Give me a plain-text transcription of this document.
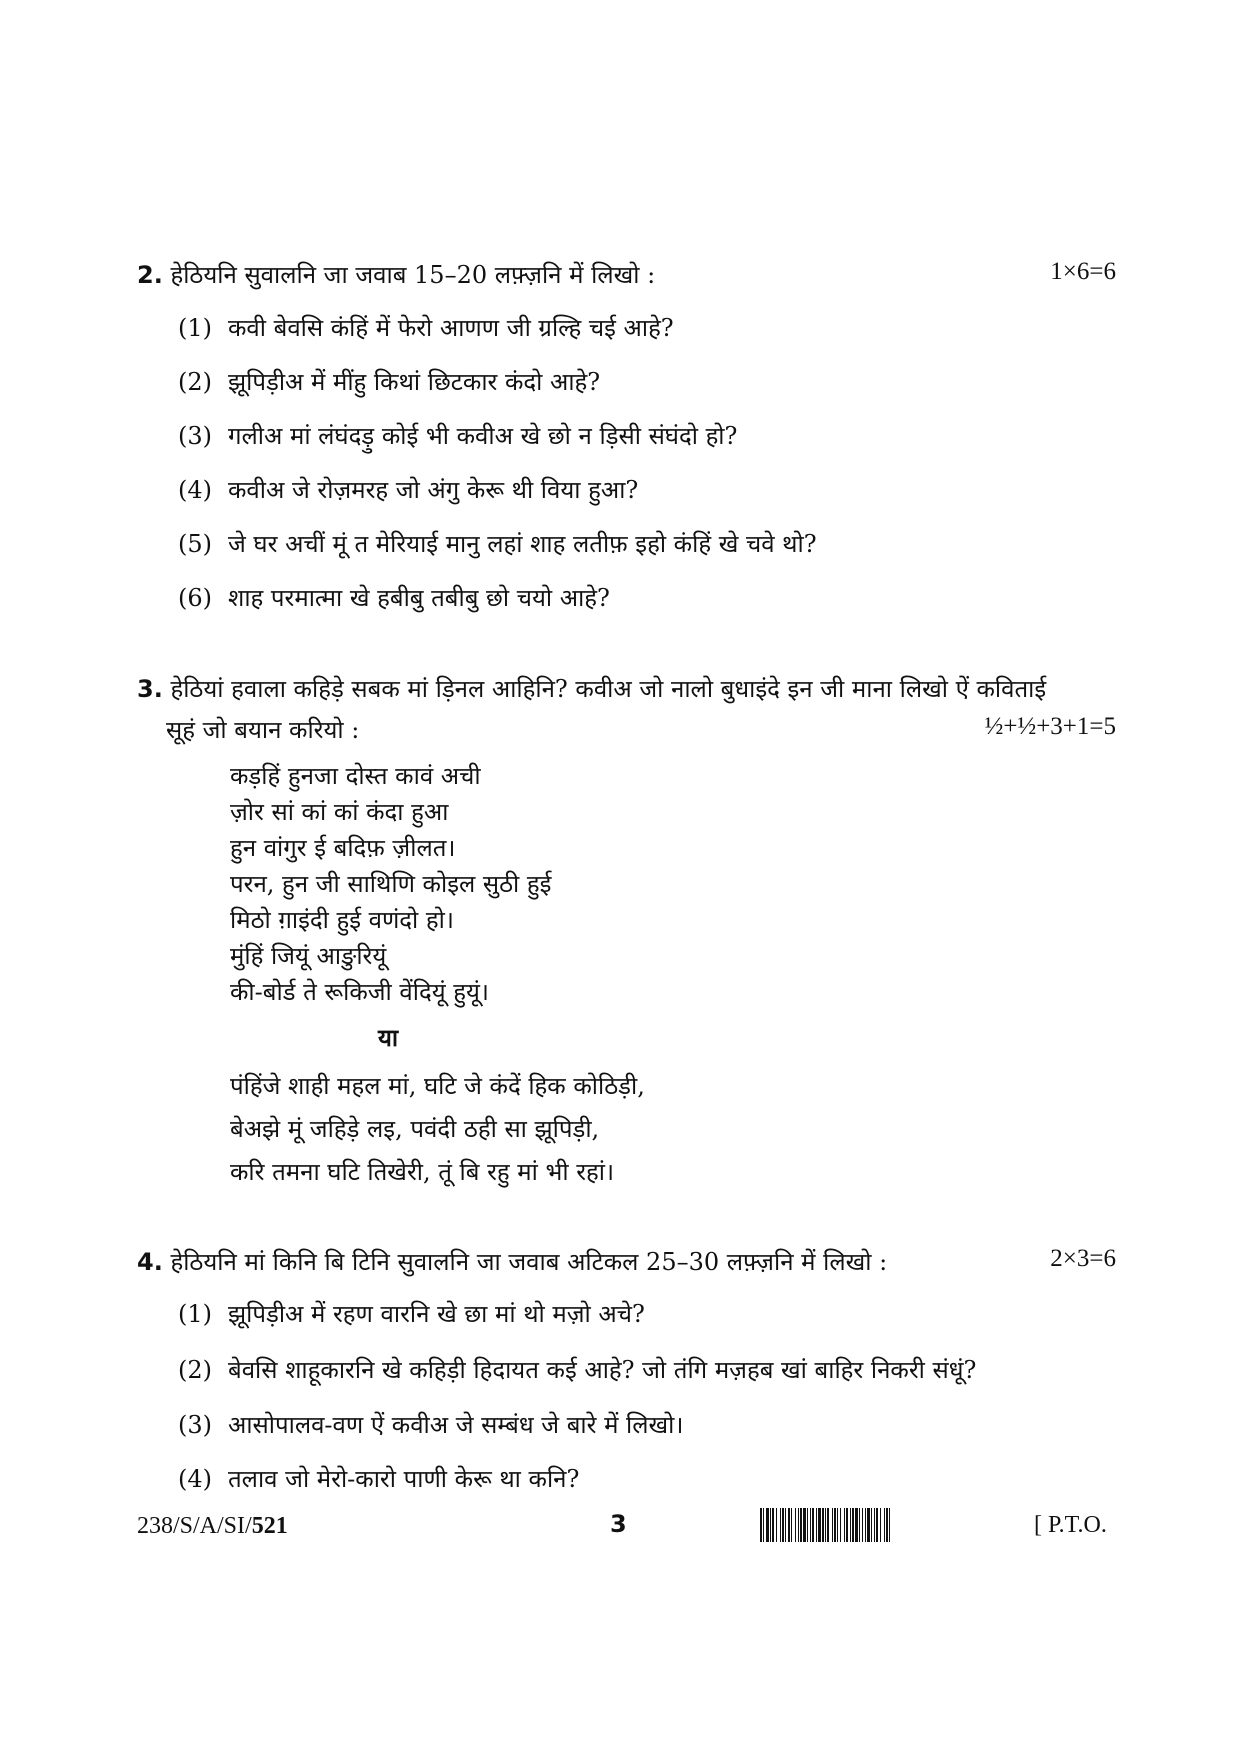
2. हेठियनि सुवालनि जा जवाब 15–20 लफ़्ज़नि में लिखो :	1×6=6
(1) कवी बेवसि कंहिं में फेरो आणण जी ग्रल्हि चई आहे?
(2) झूपिड़ीअ में मींहु किथां छिटकार कंदो आहे?
(3) गलीअ मां लंघंदड़ु कोई भी कवीअ खे छो न ड़िसी संघंदो हो?
(4) कवीअ जे रोज़मरह जो अंगु केरू थी विया हुआ?
(5) जे घर अचीं मूं त मेरियाई मानु लहां शाह लतीफ़ इहो कंहिं खे चवे थो?
(6) शाह परमात्मा खे हबीबु तबीबु छो चयो आहे?
3. हेठियां हवाला कहिड़े सबक मां ड़िनल आहिनि? कवीअ जो नालो बुधाइंदे इन जी माना लिखो ऐं कविताई
सूहं जो बयान करियो :	½+½+3+1=5
कड़हिं हुनजा दोस्त कावं अची
ज़ोर सां कां कां कंदा हुआ
हुन वांगुर ई बदिफ़ ज़ीलत।
परन, हुन जी साथिणि कोइल सुठी हुई
मिठो ग़ाइंदी हुई वणंदो हो।
मुंहिं जियूं आङुरियूं
की-बोर्ड ते रूकिजी वेंदियूं हुयूं।
या
पंहिंजे शाही महल मां, घटि जे कंदें हिक कोठिड़ी,
बेअझे मूं जहिड़े लइ, पवंदी ठही सा झूपिड़ी,
करि तमना घटि तिखेरी, तूं बि रहु मां भी रहां।
4. हेठियनि मां किनि बि टिनि सुवालनि जा जवाब अटिकल 25–30 लफ़्ज़नि में लिखो :	2×3=6
(1) झूपिड़ीअ में रहण वारनि खे छा मां थो मज़ो अचे?
(2) बेवसि शाहूकारनि खे कहिड़ी हिदायत कई आहे? जो तंगि मज़हब खां बाहिर निकरी संधूं?
(3) आसोपालव-वण ऐं कवीअ जे सम्बंध जे बारे में लिखो।
(4) तलाव जो मेरो-कारो पाणी केरू था कनि?
238/S/A/SI/521	3	[ P.T.O.
